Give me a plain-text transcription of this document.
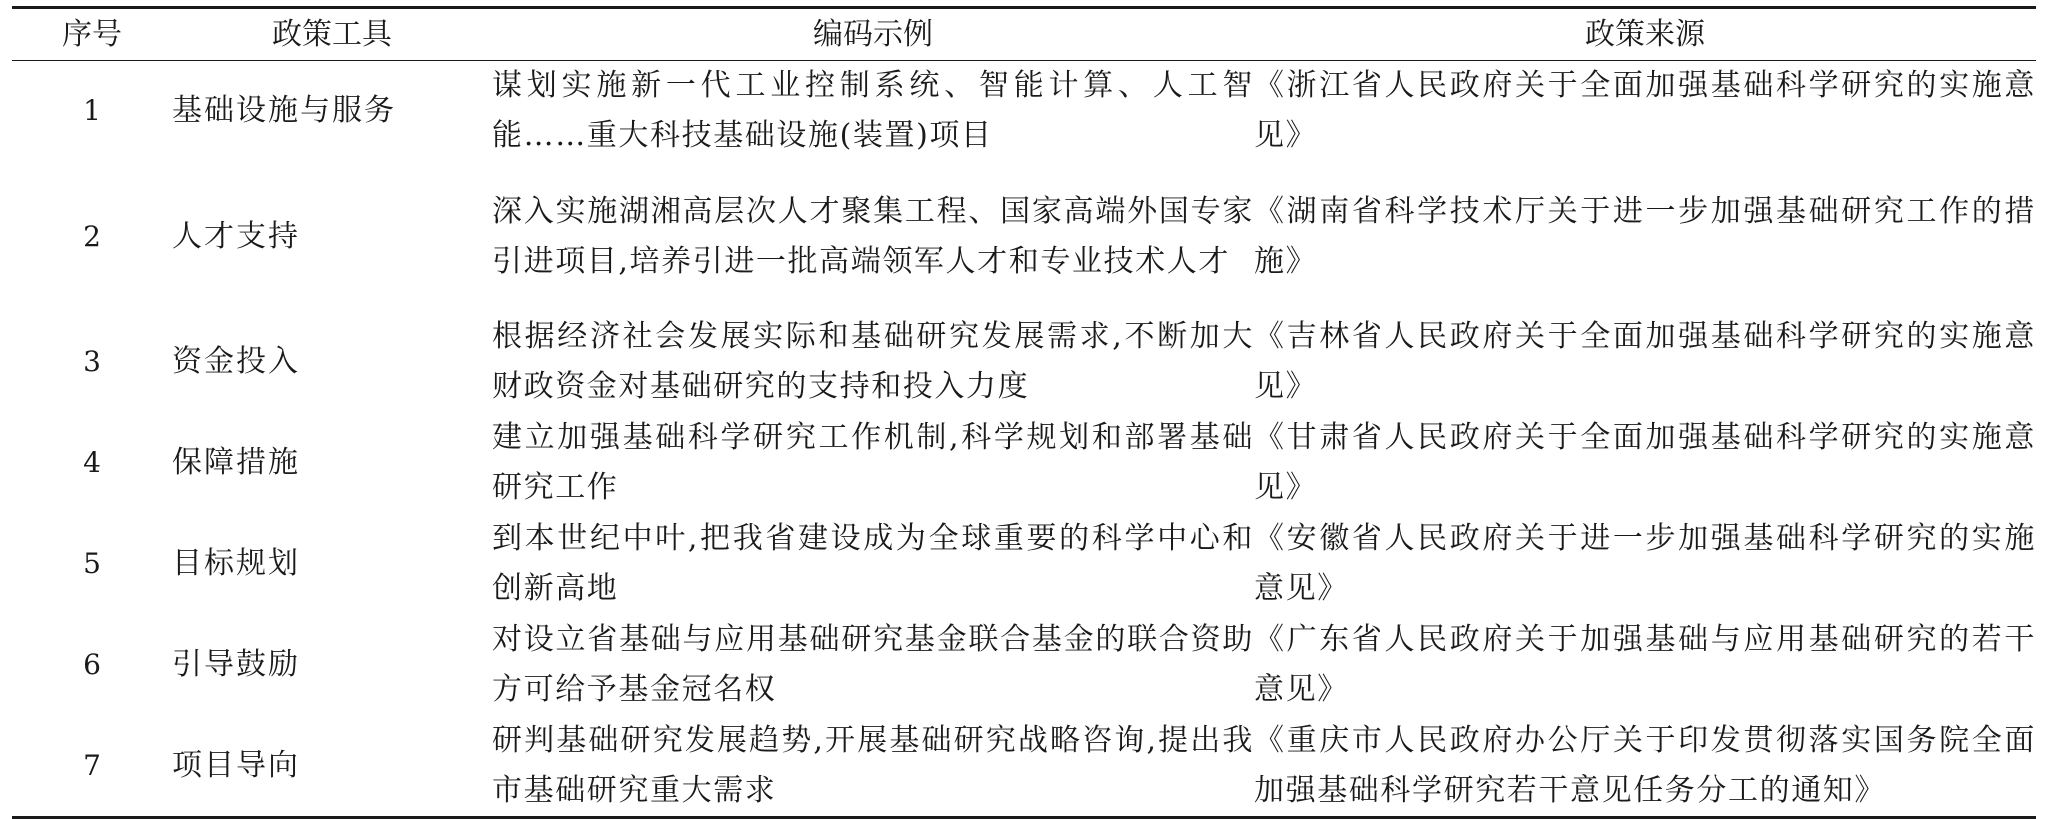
序号	政策工具	编码示例	政策来源
1	基础设施与服务	谋划实施新一代工业控制系统、智能计算、人工智能……重大科技基础设施(装置)项目	《浙江省人民政府关于全面加强基础科学研究的实施意见》

2	人才支持	深入实施湖湘高层次人才聚集工程、国家高端外国专家引进项目,培养引进一批高端领军人才和专业技术人才	《湖南省科学技术厅关于进一步加强基础研究工作的措施》

3	资金投入	根据经济社会发展实际和基础研究发展需求,不断加大财政资金对基础研究的支持和投入力度	《吉林省人民政府关于全面加强基础科学研究的实施意见》

4	保障措施	建立加强基础科学研究工作机制,科学规划和部署基础研究工作	《甘肃省人民政府关于全面加强基础科学研究的实施意见》

5	目标规划	到本世纪中叶,把我省建设成为全球重要的科学中心和创新高地	《安徽省人民政府关于进一步加强基础科学研究的实施意见》

6	引导鼓励	对设立省基础与应用基础研究基金联合基金的联合资助方可给予基金冠名权	《广东省人民政府关于加强基础与应用基础研究的若干意见》

7	项目导向	研判基础研究发展趋势,开展基础研究战略咨询,提出我市基础研究重大需求	《重庆市人民政府办公厅关于印发贯彻落实国务院全面加强基础科学研究若干意见任务分工的通知》
